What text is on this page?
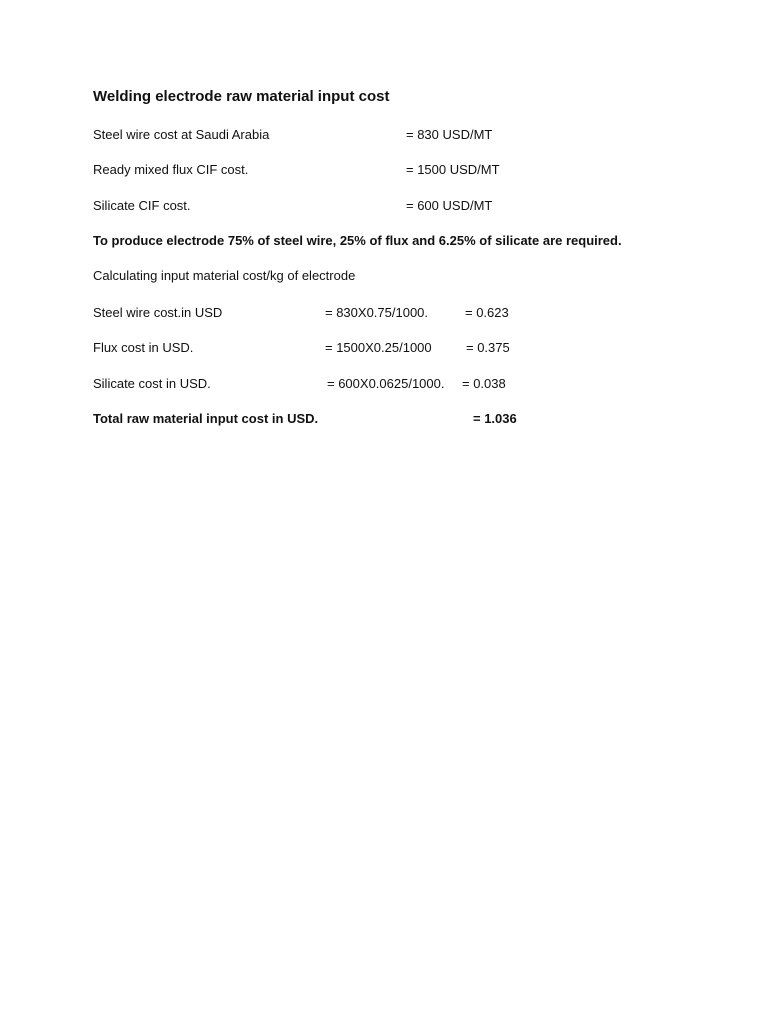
Welding electrode raw material input cost
Steel wire cost at Saudi Arabia	= 830 USD/MT
Ready mixed flux CIF cost.	= 1500 USD/MT
Silicate CIF cost.	= 600 USD/MT
To produce electrode 75% of steel wire, 25% of flux and 6.25% of silicate are required.
Calculating input material cost/kg of electrode
Steel wire cost.in USD	= 830X0.75/1000.	= 0.623
Flux cost in USD.	= 1500X0.25/1000	= 0.375
Silicate cost in USD.	= 600X0.0625/1000. = 0.038
Total raw material input cost in USD.	= 1.036
